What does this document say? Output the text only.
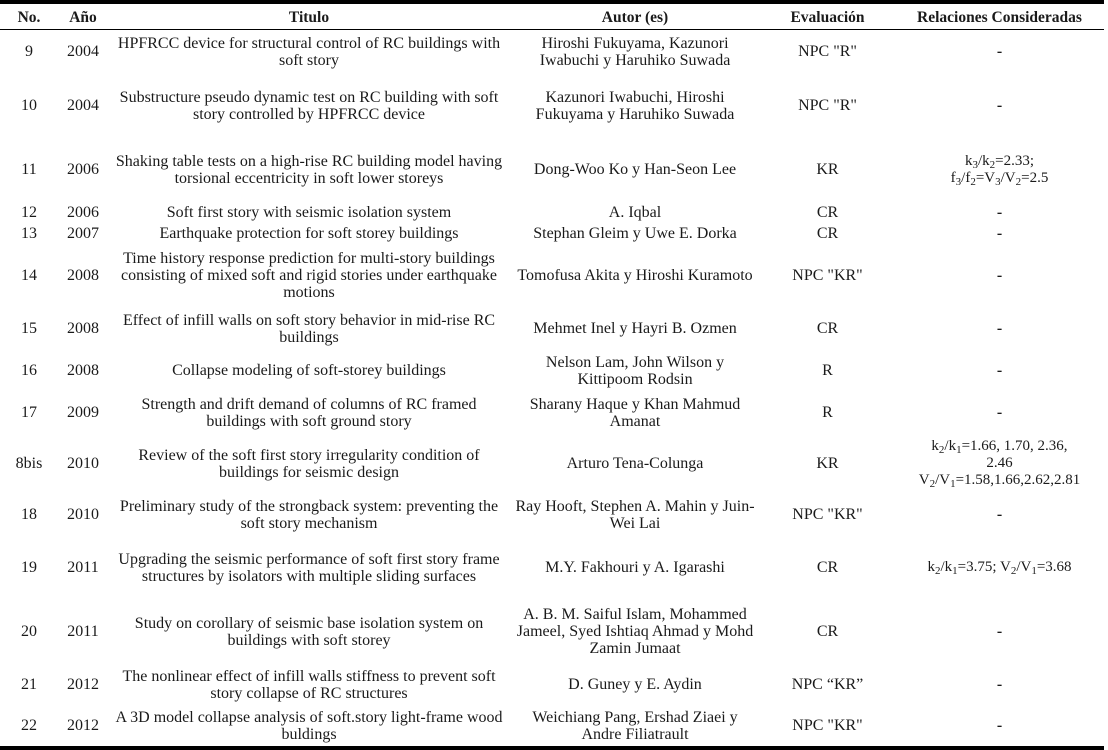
No.	Año	Titulo	Autor (es)	Evaluación	Relaciones Consideradas
9	2004	HPFRCC device for structural control of RC buildings with soft story	Hiroshi Fukuyama, Kazunori Iwabuchi y Haruhiko Suwada	NPC "R"	-
10	2004	Substructure pseudo dynamic test on RC building with soft story controlled by HPFRCC device	Kazunori Iwabuchi, Hiroshi Fukuyama y Haruhiko Suwada	NPC "R"	-
11	2006	Shaking table tests on a high-rise RC building model having torsional eccentricity in soft lower storeys	Dong-Woo Ko y Han-Seon Lee	KR	$k_3/k_2=2.33$;
$f_3/f_2=V_3/V_2=2.5$

12	2006	Soft first story with seismic isolation system	A. Iqbal	CR	-
13	2007	Earthquake protection for soft storey buildings	Stephan Gleim y Uwe E. Dorka	CR	-
14	2008	Time history response prediction for multi-story buildings consisting of mixed soft and rigid stories under earthquake motions	Tomofusa Akita y Hiroshi Kuramoto	NPC "KR"	-
15	2008	Effect of infill walls on soft story behavior in mid-rise RC buildings	Mehmet Inel y Hayri B. Ozmen	CR	-
16	2008	Collapse modeling of soft-storey buildings	Nelson Lam, John Wilson y Kittipoom Rodsin	R	-
17	2009	Strength and drift demand of columns of RC framed buildings with soft ground story	Sharany Haque y Khan Mahmud Amanat	R	-
8bis	2010	Review of the soft first story irregularity condition of buildings for seismic design	Arturo Tena-Colunga	KR	$k_2/k_1=1.66$, 1.70, 2.36,
2.46
$V_2/V_1=1.58,1.66,2.62,2.81$

18	2010	Preliminary study of the strongback system: preventing the soft story mechanism	Ray Hooft, Stephen A. Mahin y Juin-Wei Lai	NPC "KR"	-
19	2011	Upgrading the seismic performance of soft first story frame structures by isolators with multiple sliding surfaces	M.Y. Fakhouri y A. Igarashi	CR	$k_2/k_1=3.75$; $V_2/V_1=3.68$

20	2011	Study on corollary of seismic base isolation system on buildings with soft storey	A. B. M. Saiful Islam, Mohammed Jameel, Syed Ishtiaq Ahmad y Mohd Zamin Jumaat	CR	-
21	2012	The nonlinear effect of infill walls stiffness to prevent soft story collapse of RC structures	D. Guney y E. Aydin	NPC “KR”	-
22	2012	A 3D model collapse analysis of soft.story light-frame wood buldings	Weichiang Pang, Ershad Ziaei y Andre Filiatrault	NPC "KR"	-
